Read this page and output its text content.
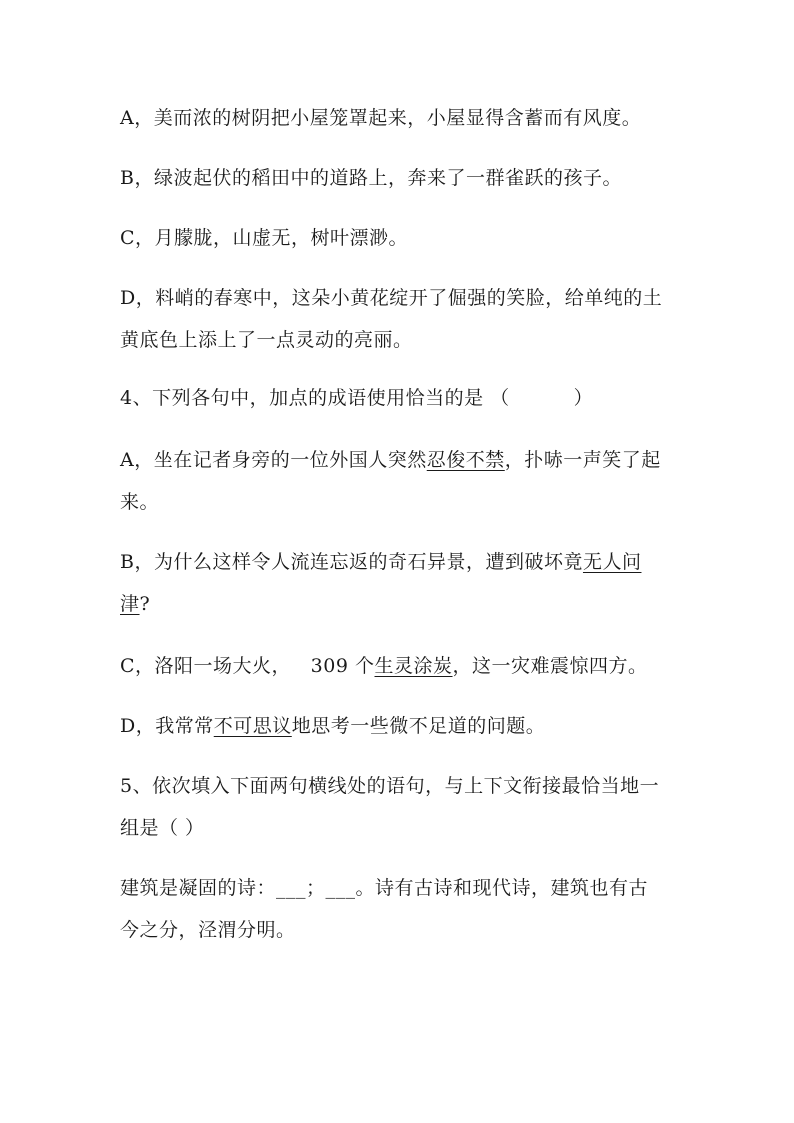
A，美而浓的树阴把小屋笼罩起来，小屋显得含蓄而有风度。
B，绿波起伏的稻田中的道路上，奔来了一群雀跃的孩子。
C，月朦胧，山虚无，树叶漂渺。
D，料峭的春寒中，这朵小黄花绽开了倔强的笑脸，给单纯的土
黄底色上添上了一点灵动的亮丽。
4、下列各句中，加点的成语使用恰当的是 （	）
A，坐在记者身旁的一位外国人突然忍俊不禁，扑哧一声笑了起
来。
B，为什么这样令人流连忘返的奇石异景，遭到破坏竟无人问
津?
C，洛阳一场大火， 309 个生灵涂炭，这一灾难震惊四方。
D，我常常不可思议地思考一些微不足道的问题。
5、依次填入下面两句横线处的语句，与上下文衔接最恰当地一
组是（ ）
建筑是凝固的诗：___；___。诗有古诗和现代诗，建筑也有古
今之分，泾渭分明。
